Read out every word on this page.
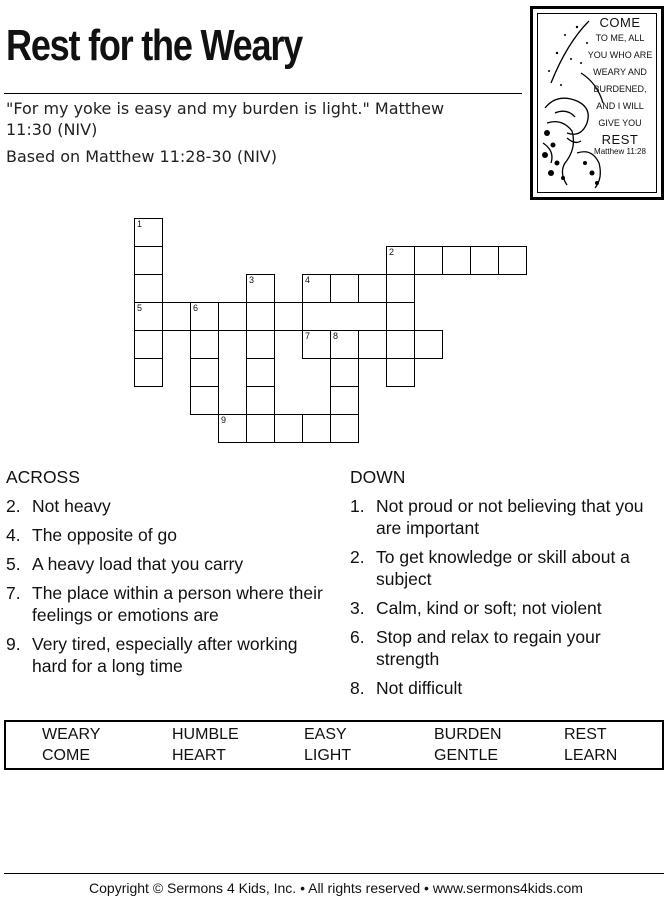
Rest for the Weary
"For my yoke is easy and my burden is light." Matthew
11:30 (NIV)
Based on Matthew 11:28-30 (NIV)
COME
TO ME, ALL
YOU WHO ARE
WEARY AND
BURDENED,
AND I WILL
GIVE YOU
REST
Matthew 11:28
1
5	6
3
9
4
7	8
2
ACROSS
2. Not heavy
4. The opposite of go
5. A heavy load that you carry
7. The place within a person where their feelings or emotions are
9. Very tired, especially after working hard for a long time
DOWN
1. Not proud or not believing that you are important
2. To get knowledge or skill about a subject
3. Calm, kind or soft; not violent
6. Stop and relax to regain your strength
8. Not difficult
WEARY	HUMBLE	EASY	BURDEN	REST
COME	HEART	LIGHT	GENTLE	LEARN
Copyright © Sermons 4 Kids, Inc. • All rights reserved • www.sermons4kids.com
